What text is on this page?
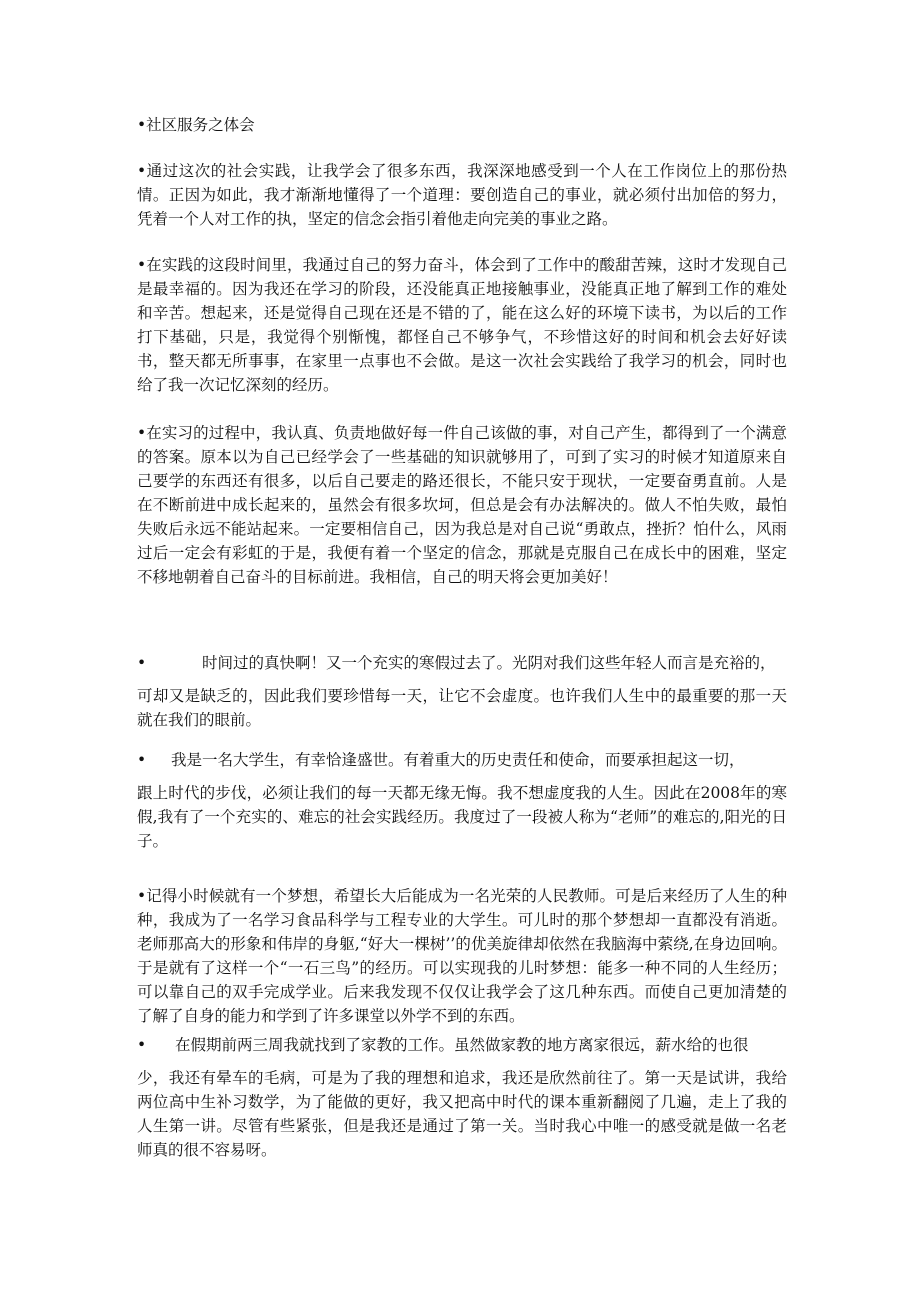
•社区服务之体会

•通过这次的社会实践，让我学会了很多东西，我深深地感受到一个人在工作岗位上的那份热情。正因为如此，我才渐渐地懂得了一个道理：要创造自己的事业，就必须付出加倍的努力，凭着一个人对工作的执，坚定的信念会指引着他走向完美的事业之路。

•在实践的这段时间里，我通过自己的努力奋斗，体会到了工作中的酸甜苦辣，这时才发现自己是最幸福的。因为我还在学习的阶段，还没能真正地接触事业，没能真正地了解到工作的难处和辛苦。想起来，还是觉得自己现在还是不错的了，能在这么好的环境下读书，为以后的工作打下基础，只是，我觉得个别惭愧，都怪自己不够争气，不珍惜这好的时间和机会去好好读书，整天都无所事事，在家里一点事也不会做。是这一次社会实践给了我学习的机会，同时也给了我一次记忆深刻的经历。

•在实习的过程中，我认真、负责地做好每一件自己该做的事，对自己产生，都得到了一个满意的答案。原本以为自己已经学会了一些基础的知识就够用了，可到了实习的时候才知道原来自己要学的东西还有很多，以后自己要走的路还很长，不能只安于现状，一定要奋勇直前。人是在不断前进中成长起来的，虽然会有很多坎坷，但总是会有办法解决的。做人不怕失败，最怕失败后永远不能站起来。一定要相信自己，因为我总是对自己说“勇敢点，挫折？怕什么，风雨过后一定会有彩虹的于是，我便有着一个坚定的信念，那就是克服自己在成长中的困难，坚定不移地朝着自己奋斗的目标前进。我相信，自己的明天将会更加美好！

•	时间过的真快啊！又一个充实的寒假过去了。光阴对我们这些年轻人而言是充裕的，

可却又是缺乏的，因此我们要珍惜每一天，让它不会虚度。也许我们人生中的最重要的那一天就在我们的眼前。

• 我是一名大学生，有幸恰逢盛世。有着重大的历史责任和使命，而要承担起这一切，

跟上时代的步伐，必须让我们的每一天都无缘无悔。我不想虚度我的人生。因此在2008年的寒假,我有了一个充实的、难忘的社会实践经历。我度过了一段被人称为“老师”的难忘的,阳光的日子。

•记得小时候就有一个梦想，希望长大后能成为一名光荣的人民教师。可是后来经历了人生的种种，我成为了一名学习食品科学与工程专业的大学生。可儿时的那个梦想却一直都没有消逝。老师那高大的形象和伟岸的身躯,“好大一棵树’’的优美旋律却依然在我脑海中萦绕,在身边回响。于是就有了这样一个“一石三鸟”的经历。可以实现我的儿时梦想：能多一种不同的人生经历；可以靠自己的双手完成学业。后来我发现不仅仅让我学会了这几种东西。而使自己更加清楚的了解了自身的能力和学到了许多课堂以外学不到的东西。

• 在假期前两三周我就找到了家教的工作。虽然做家教的地方离家很远，薪水给的也很

少，我还有晕车的毛病，可是为了我的理想和追求，我还是欣然前往了。第一天是试讲，我给两位高中生补习数学，为了能做的更好，我又把高中时代的课本重新翻阅了几遍，走上了我的人生第一讲。尽管有些紧张，但是我还是通过了第一关。当时我心中唯一的感受就是做一名老师真的很不容易呀。
